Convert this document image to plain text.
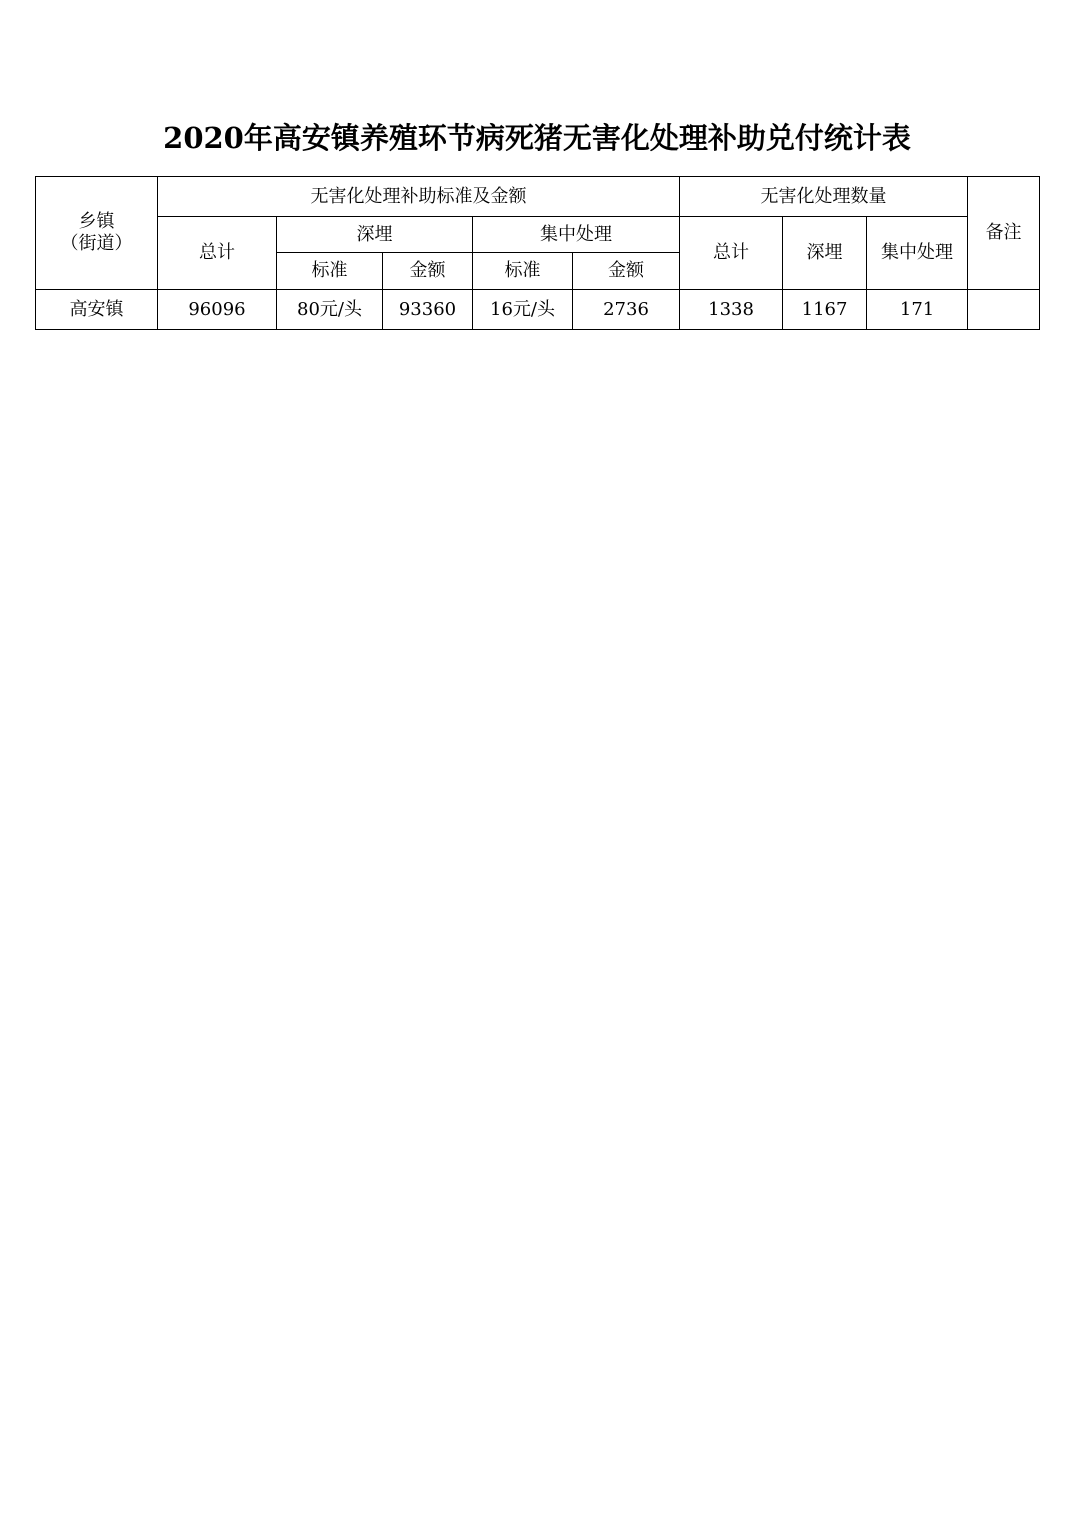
2020年高安镇养殖环节病死猪无害化处理补助兑付统计表
乡镇
（街道）	无害化处理补助标准及金额					无害化处理数量			备注
	总计	深埋		集中处理		总计	深埋	集中处理	
		标准	金额	标准	金额				
高安镇	96096	80元/头	93360	16元/头	2736	1338	1167	171	
